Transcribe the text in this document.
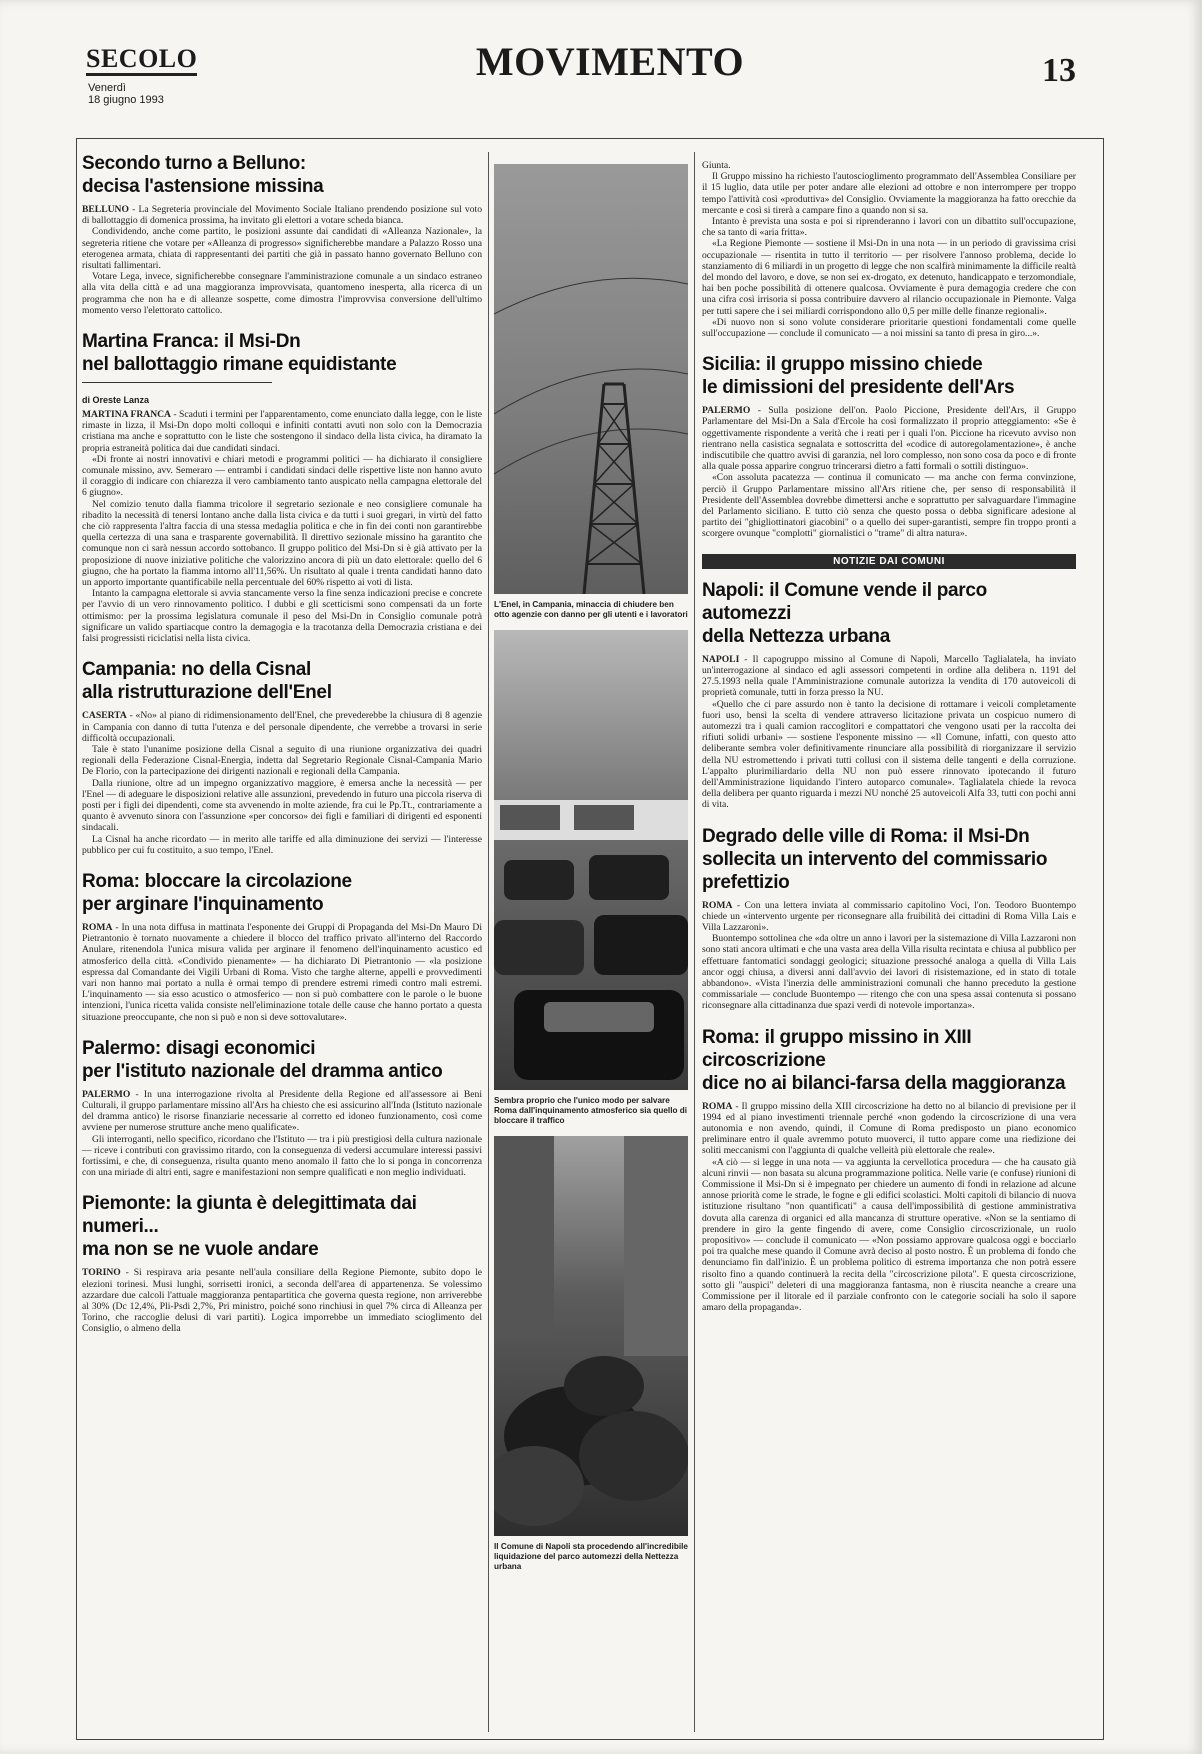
SECOLO
Venerdì
18 giugno 1993
MOVIMENTO	13
Secondo turno a Belluno:
decisa l'astensione missina

BELLUNO - La Segreteria provinciale del Movimento Sociale Italiano prendendo posizione sul voto di ballottaggio di domenica prossima, ha invitato gli elettori a votare scheda bianca.

Condividendo, anche come partito, le posizioni assunte dai candidati di «Alleanza Nazionale», la segreteria ritiene che votare per «Alleanza di progresso» significherebbe mandare a Palazzo Rosso una eterogenea armata, chiata di rappresentanti dei partiti che già in passato hanno governato Belluno con risultati fallimentari.

Votare Lega, invece, significherebbe consegnare l'amministrazione comunale a un sindaco estraneo alla vita della città e ad una maggioranza improvvisata, quantomeno inesperta, alla ricerca di un programma che non ha e di alleanze sospette, come dimostra l'improvvisa conversione dell'ultimo momento verso l'elettorato cattolico.

Martina Franca: il Msi-Dn
nel ballottaggio rimane equidistante
di Oreste Lanza

MARTINA FRANCA - Scaduti i termini per l'apparentamento, come enunciato dalla legge, con le liste rimaste in lizza, il Msi-Dn dopo molti colloqui e infiniti contatti avuti non solo con la Democrazia cristiana ma anche e soprattutto con le liste che sostengono il sindaco della lista civica, ha diramato la propria estraneità politica dai due candidati sindaci.

«Di fronte ai nostri innovativi e chiari metodi e programmi politici — ha dichiarato il consigliere comunale missino, avv. Semeraro — entrambi i candidati sindaci delle rispettive liste non hanno avuto il coraggio di indicare con chiarezza il vero cambiamento tanto auspicato nella campagna elettorale del 6 giugno».

Nel comizio tenuto dalla fiamma tricolore il segretario sezionale e neo consigliere comunale ha ribadito la necessità di tenersi lontano anche dalla lista civica e da tutti i suoi gregari, in virtù del fatto che ciò rappresenta l'altra faccia di una stessa medaglia politica e che in fin dei conti non garantirebbe quella certezza di una sana e trasparente governabilità. Il direttivo sezionale missino ha garantito che comunque non ci sarà nessun accordo sottobanco. Il gruppo politico del Msi-Dn si è già attivato per la proposizione di nuove iniziative politiche che valorizzino ancora di più un dato elettorale: quello del 6 giugno, che ha portato la fiamma intorno all'11,56%. Un risultato al quale i trenta candidati hanno dato un apporto importante quantificabile nella percentuale del 60% rispetto ai voti di lista.

Intanto la campagna elettorale si avvia stancamente verso la fine senza indicazioni precise e concrete per l'avvio di un vero rinnovamento politico. I dubbi e gli scetticismi sono compensati da un forte ottimismo: per la prossima legislatura comunale il peso del Msi-Dn in Consiglio comunale potrà significare un valido spartiacque contro la demagogia e la tracotanza della Democrazia cristiana e dei falsi progressisti riciclatisi nella lista civica.

Campania: no della Cisnal
alla ristrutturazione dell'Enel

CASERTA - «No» al piano di ridimensionamento dell'Enel, che prevederebbe la chiusura di 8 agenzie in Campania con danno di tutta l'utenza e del personale dipendente, che verrebbe a trovarsi in serie difficoltà occupazionali.

Tale è stato l'unanime posizione della Cisnal a seguito di una riunione organizzativa dei quadri regionali della Federazione Cisnal-Energia, indetta dal Segretario Regionale Cisnal-Campania Mario De Florio, con la partecipazione dei dirigenti nazionali e regionali della Campania.

Dalla riunione, oltre ad un impegno organizzativo maggiore, è emersa anche la necessità — per l'Enel — di adeguare le disposizioni relative alle assunzioni, prevedendo in futuro una piccola riserva di posti per i figli dei dipendenti, come sta avvenendo in molte aziende, fra cui le Pp.Tt., contrariamente a quanto è avvenuto sinora con l'assunzione «per concorso» dei figli e familiari di dirigenti ed esponenti sindacali.

La Cisnal ha anche ricordato — in merito alle tariffe ed alla diminuzione dei servizi — l'interesse pubblico per cui fu costituito, a suo tempo, l'Enel.

Roma: bloccare la circolazione
per arginare l'inquinamento

ROMA - In una nota diffusa in mattinata l'esponente dei Gruppi di Propaganda del Msi-Dn Mauro Di Pietrantonio è tornato nuovamente a chiedere il blocco del traffico privato all'interno del Raccordo Anulare, ritenendola l'unica misura valida per arginare il fenomeno dell'inquinamento acustico ed atmosferico della città. «Condivido pienamente» — ha dichiarato Di Pietrantonio — «la posizione espressa dal Comandante dei Vigili Urbani di Roma. Visto che targhe alterne, appelli e provvedimenti vari non hanno mai portato a nulla è ormai tempo di prendere estremi rimedi contro mali estremi. L'inquinamento — sia esso acustico o atmosferico — non si può combattere con le parole o le buone intenzioni, l'unica ricetta valida consiste nell'eliminazione totale delle cause che hanno portato a questa situazione preoccupante, che non si può e non si deve sottovalutare».

Palermo: disagi economici
per l'istituto nazionale del dramma antico

PALERMO - In una interrogazione rivolta al Presidente della Regione ed all'assessore ai Beni Culturali, il gruppo parlamentare missino all'Ars ha chiesto che esi assicurino all'Inda (Istituto nazionale del dramma antico) le risorse finanziarie necessarie al corretto ed idoneo funzionamento, così come avviene per numerose strutture anche meno qualificate».

Gli interroganti, nello specifico, ricordano che l'Istituto — tra i più prestigiosi della cultura nazionale — riceve i contributi con gravissimo ritardo, con la conseguenza di vedersi accumulare interessi passivi fortissimi, e che, di conseguenza, risulta quanto meno anomalo il fatto che lo si ponga in concorrenza con una miriade di altri enti, sagre e manifestazioni non sempre qualificati e non meglio individuati.

Piemonte: la giunta è delegittimata dai numeri...
ma non se ne vuole andare

TORINO - Si respirava aria pesante nell'aula consiliare della Regione Piemonte, subito dopo le elezioni torinesi. Musi lunghi, sorrisetti ironici, a seconda dell'area di appartenenza. Se volessimo azzardare due calcoli l'attuale maggioranza pentapartitica che governa questa regione, non arriverebbe al 30% (Dc 12,4%, Pli-Psdi 2,7%, Pri ministro, poiché sono rinchiusi in quel 7% circa di Alleanza per Torino, che raccoglie delusi di vari partiti). Logica imporrebbe un immediato scioglimento del Consiglio, o almeno della

L'Enel, in Campania, minaccia di chiudere ben otto agenzie con danno per gli utenti e i lavoratori
Sembra proprio che l'unico modo per salvare Roma dall'inquinamento atmosferico sia quello di bloccare il traffico
Il Comune di Napoli sta procedendo all'incredibile liquidazione del parco automezzi della Nettezza urbana

Giunta.

Il Gruppo missino ha richiesto l'autoscioglimento programmato dell'Assemblea Consiliare per il 15 luglio, data utile per poter andare alle elezioni ad ottobre e non interrompere per troppo tempo l'attività così «produttiva» del Consiglio. Ovviamente la maggioranza ha fatto orecchie da mercante e così si tirerà a campare fino a quando non si sa.

Intanto è prevista una sosta e poi si riprenderanno i lavori con un dibattito sull'occupazione, che sa tanto di «aria fritta».

«La Regione Piemonte — sostiene il Msi-Dn in una nota — in un periodo di gravissima crisi occupazionale — risentita in tutto il territorio — per risolvere l'annoso problema, decide lo stanziamento di 6 miliardi in un progetto di legge che non scalfirà minimamente la difficile realtà del mondo del lavoro, e dove, se non sei ex-drogato, ex detenuto, handicappato e terzomondiale, hai ben poche possibilità di ottenere qualcosa. Ovviamente è pura demagogia credere che con una cifra così irrisoria si possa contribuire davvero al rilancio occupazionale in Piemonte. Valga per tutti sapere che i sei miliardi corrispondono allo 0,5 per mille delle finanze regionali».

«Di nuovo non si sono volute considerare prioritarie questioni fondamentali come quelle sull'occupazione — conclude il comunicato — a noi missini sa tanto di presa in giro...».

Sicilia: il gruppo missino chiede
le dimissioni del presidente dell'Ars

PALERMO - Sulla posizione dell'on. Paolo Piccione, Presidente dell'Ars, il Gruppo Parlamentare del Msi-Dn a Sala d'Ercole ha così formalizzato il proprio atteggiamento: «Se è oggettivamente rispondente a verità che i reati per i quali l'on. Piccione ha ricevuto avviso non rientrano nella casistica segnalata e sottoscritta del «codice di autoregolamentazione», è anche indiscutibile che quattro avvisi di garanzia, nel loro complesso, non sono cosa da poco e di fronte alla quale possa apparire congruo trincerarsi dietro a fatti formali o sottili distinguo».

«Con assoluta pacatezza — continua il comunicato — ma anche con ferma convinzione, perciò il Gruppo Parlamentare missino all'Ars ritiene che, per senso di responsabilità il Presidente dell'Assemblea dovrebbe dimettersi anche e soprattutto per salvaguardare l'immagine del Parlamento siciliano. E tutto ciò senza che questo possa o debba significare adesione al partito dei "ghigliottinatori giacobini" o a quello dei super-garantisti, sempre fin troppo pronti a scorgere ovunque "complotti" giornalistici o "trame" di altra natura».

NOTIZIE DAI COMUNI
Napoli: il Comune vende il parco automezzi
della Nettezza urbana

NAPOLI - Il capogruppo missino al Comune di Napoli, Marcello Taglialatela, ha inviato un'interrogazione al sindaco ed agli assessori competenti in ordine alla delibera n. 1191 del 27.5.1993 nella quale l'Amministrazione comunale autorizza la vendita di 170 autoveicoli di proprietà comunale, tutti in forza presso la NU.

«Quello che ci pare assurdo non è tanto la decisione di rottamare i veicoli completamente fuori uso, bensì la scelta di vendere attraverso licitazione privata un cospicuo numero di automezzi tra i quali camion raccoglitori e compattatori che vengono usati per la raccolta dei rifiuti solidi urbani» — sostiene l'esponente missino — «Il Comune, infatti, con questo atto deliberante sembra voler definitivamente rinunciare alla possibilità di riorganizzare il servizio della NU estromettendo i privati tutti collusi con il sistema delle tangenti e della corruzione. L'appalto plurimiliardario della NU non può essere rinnovato ipotecando il futuro dell'Amministrazione liquidando l'intero autoparco comunale». Taglialatela chiede la revoca della delibera per quanto riguarda i mezzi NU nonché 25 autoveicoli Alfa 33, tutti con pochi anni di vita.

Degrado delle ville di Roma: il Msi-Dn
sollecita un intervento del commissario prefettizio

ROMA - Con una lettera inviata al commissario capitolino Voci, l'on. Teodoro Buontempo chiede un «intervento urgente per riconsegnare alla fruibilità dei cittadini di Roma Villa Lais e Villa Lazzaroni».

Buontempo sottolinea che «da oltre un anno i lavori per la sistemazione di Villa Lazzaroni non sono stati ancora ultimati e che una vasta area della Villa risulta recintata e chiusa al pubblico per effettuare fantomatici sondaggi geologici; situazione pressoché analoga a quella di Villa Lais ancor oggi chiusa, a diversi anni dall'avvio dei lavori di risistemazione, ed in stato di totale abbandono». «Vista l'inerzia delle amministrazioni comunali che hanno preceduto la gestione commissariale — conclude Buontempo — ritengo che con una spesa assai contenuta si possano riconsegnare alla cittadinanza due spazi verdi di notevole importanza».

Roma: il gruppo missino in XIII circoscrizione
dice no ai bilanci-farsa della maggioranza

ROMA - Il gruppo missino della XIII circoscrizione ha detto no al bilancio di previsione per il 1994 ed al piano investimenti triennale perché «non godendo la circoscrizione di una vera autonomia e non avendo, quindi, il Comune di Roma predisposto un piano economico preliminare entro il quale avremmo potuto muoverci, il tutto appare come una riedizione dei soliti meccanismi con l'aggiunta di qualche velleità più elettorale che reale».

«A ciò — si legge in una nota — va aggiunta la cervellotica procedura — che ha causato già alcuni rinvii — non basata su alcuna programmazione politica. Nelle varie (e confuse) riunioni di Commissione il Msi-Dn si è impegnato per chiedere un aumento di fondi in relazione ad alcune annose priorità come le strade, le fogne e gli edifici scolastici. Molti capitoli di bilancio di nuova istituzione risultano "non quantificati" a causa dell'impossibilità di gestione amministrativa dovuta alla carenza di organici ed alla mancanza di strutture operative. «Non se la sentiamo di prendere in giro la gente fingendo di avere, come Consiglio circoscrizionale, un ruolo propositivo» — conclude il comunicato — «Non possiamo approvare qualcosa oggi e bocciarlo poi tra qualche mese quando il Comune avrà deciso al posto nostro. È un problema di fondo che denunciamo fin dall'inizio. È un problema politico di estrema importanza che non potrà essere risolto fino a quando continuerà la recita della "circoscrizione pilota". E questa circoscrizione, sotto gli "auspici" deleteri di una maggioranza fantasma, non è riuscita neanche a creare una Commissione per il litorale ed il parziale confronto con le categorie sociali ha solo il sapore amaro della propaganda».
